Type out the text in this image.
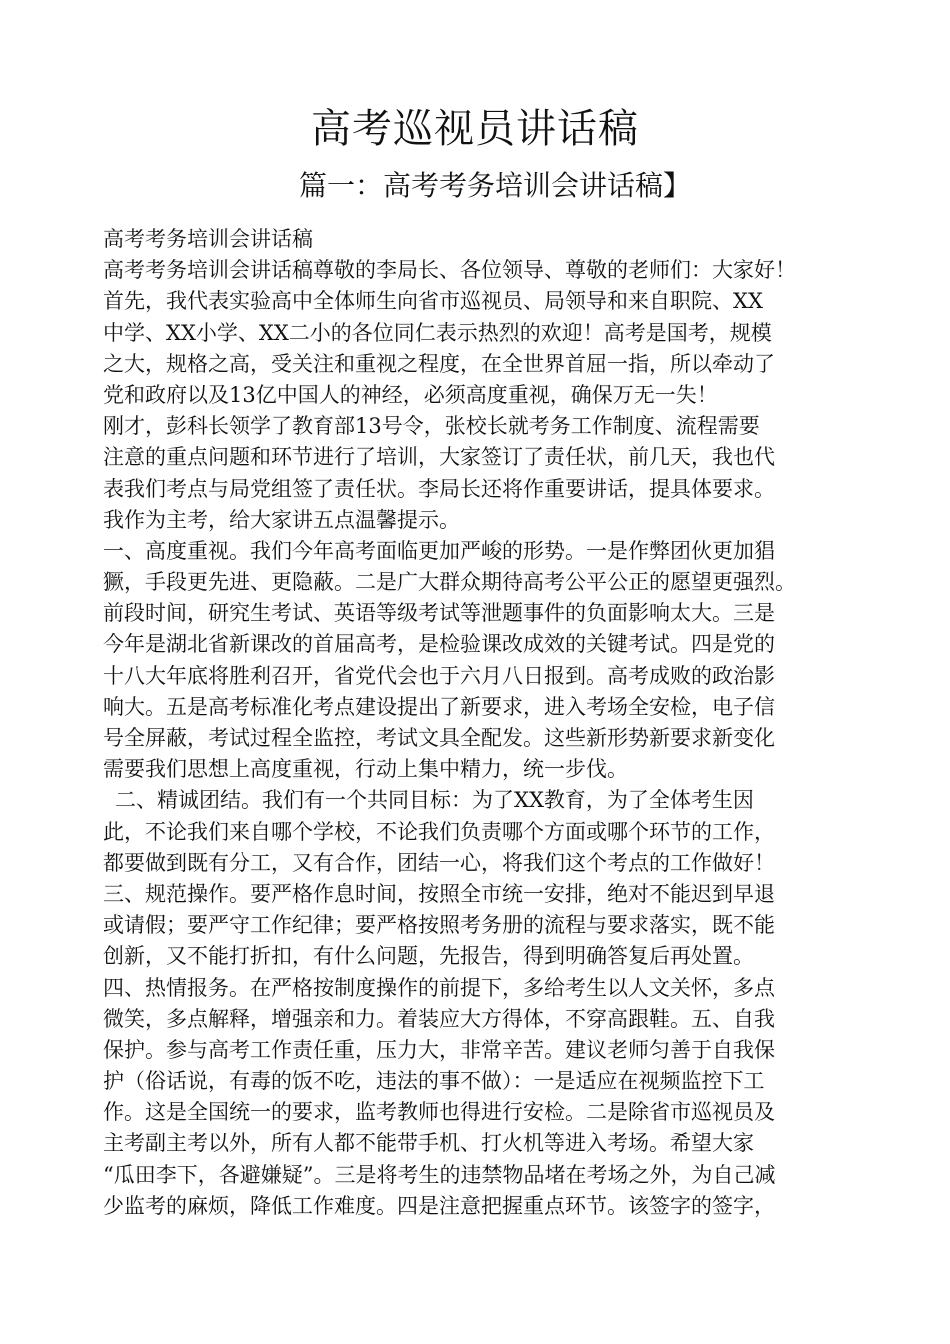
高考巡视员讲话稿
篇一：高考考务培训会讲话稿】
高考考务培训会讲话稿
高考考务培训会讲话稿尊敬的李局长、各位领导、尊敬的老师们：大家好！
首先，我代表实验高中全体师生向省市巡视员、局领导和来自职院、XX
中学、XX小学、XX二小的各位同仁表示热烈的欢迎！高考是国考，规模
之大，规格之高，受关注和重视之程度，在全世界首屈一指，所以牵动了
党和政府以及13亿中国人的神经，必须高度重视，确保万无一失！
刚才，彭科长领学了教育部13号令，张校长就考务工作制度、流程需要
注意的重点问题和环节进行了培训，大家签订了责任状，前几天，我也代
表我们考点与局党组签了责任状。李局长还将作重要讲话，提具体要求。
我作为主考，给大家讲五点温馨提示。
一、高度重视。我们今年高考面临更加严峻的形势。一是作弊团伙更加猖
獗，手段更先进、更隐蔽。二是广大群众期待高考公平公正的愿望更强烈。
前段时间，研究生考试、英语等级考试等泄题事件的负面影响太大。三是
今年是湖北省新课改的首届高考，是检验课改成效的关键考试。四是党的
十八大年底将胜利召开，省党代会也于六月八日报到。高考成败的政治影
响大。五是高考标准化考点建设提出了新要求，进入考场全安检，电子信
号全屏蔽，考试过程全监控，考试文具全配发。这些新形势新要求新变化
需要我们思想上高度重视，行动上集中精力，统一步伐。
二、精诚团结。我们有一个共同目标：为了XX教育，为了全体考生因
此，不论我们来自哪个学校，不论我们负责哪个方面或哪个环节的工作，
都要做到既有分工，又有合作，团结一心，将我们这个考点的工作做好！
三、规范操作。要严格作息时间，按照全市统一安排，绝对不能迟到早退
或请假；要严守工作纪律；要严格按照考务册的流程与要求落实，既不能
创新，又不能打折扣，有什么问题，先报告，得到明确答复后再处置。
四、热情报务。在严格按制度操作的前提下，多给考生以人文关怀，多点
微笑，多点解释，增强亲和力。着装应大方得体，不穿高跟鞋。五、自我
保护。参与高考工作责任重，压力大，非常辛苦。建议老师匀善于自我保
护（俗话说，有毒的饭不吃，违法的事不做）：一是适应在视频监控下工
作。这是全国统一的要求，监考教师也得进行安检。二是除省市巡视员及
主考副主考以外，所有人都不能带手机、打火机等进入考场。希望大家
“瓜田李下，各避嫌疑”。三是将考生的违禁物品堵在考场之外，为自己减
少监考的麻烦，降低工作难度。四是注意把握重点环节。该签字的签字，
